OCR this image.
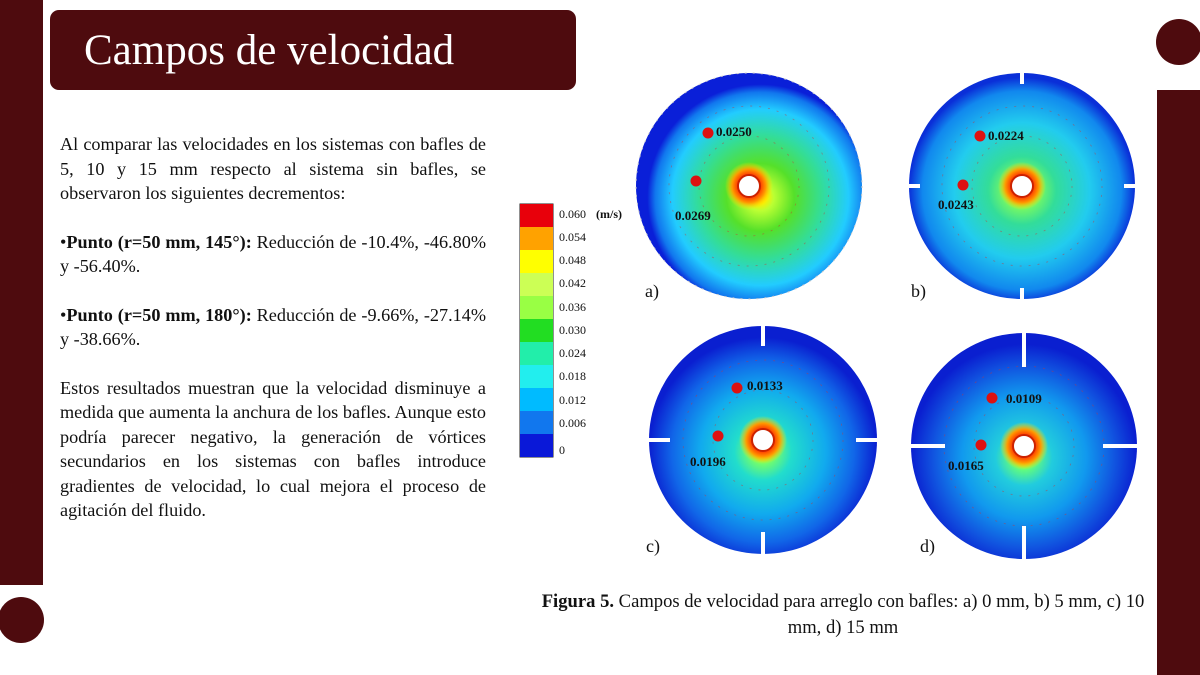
Campos de velocidad

Al comparar las velocidades en los sistemas con bafles de 5, 10 y 15 mm respecto al sistema sin bafles, se observaron los siguientes decrementos:

•Punto (r=50 mm, 145°): Reducción de -10.4%, -46.80% y -56.40%.

•Punto (r=50 mm, 180°): Reducción de -9.66%, -27.14% y -38.66%.

Estos resultados muestran que la velocidad disminuye a medida que aumenta la anchura de los bafles. Aunque esto podría parecer negativo, la generación de vórtices secundarios en los sistemas con bafles introduce gradientes de velocidad, lo cual mejora el proceso de agitación del fluido.

0.060 (m/s)
0.054
0.048
0.042
0.036
0.030
0.024
0.018
0.012
0.006
0
0.0250
0.0269
a)
0.0224
0.0243
b)
0.0133
0.0196
c)
0.0109
0.0165
d)
Figura 5. Campos de velocidad para arreglo con bafles: a) 0 mm, b) 5 mm, c) 10 mm, d) 15 mm
